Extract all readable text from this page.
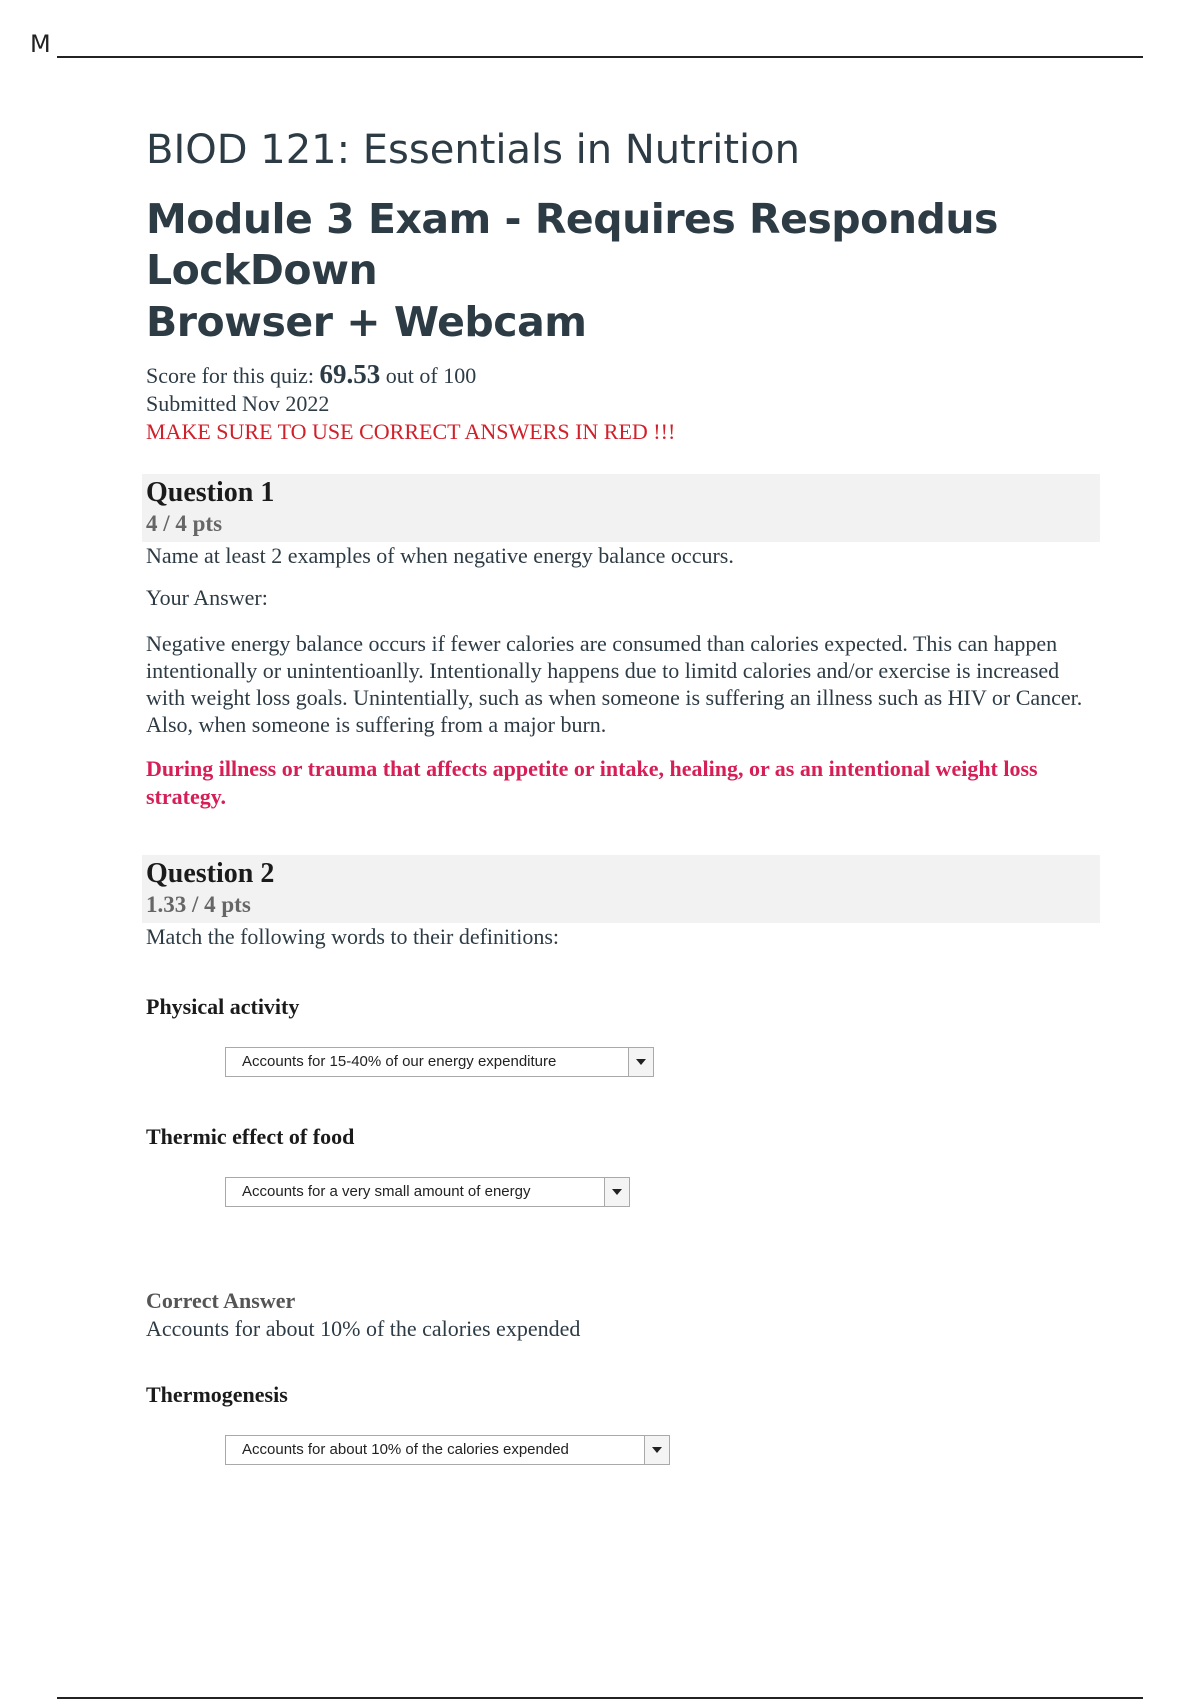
M
BIOD 121: Essentials in Nutrition
Module 3 Exam - Requires Respondus LockDown
Browser + Webcam
Score for this quiz: 69.53 out of 100
Submitted Nov 2022
MAKE SURE TO USE CORRECT ANSWERS IN RED !!!
Question 1
4 / 4 pts

Name at least 2 examples of when negative energy balance occurs.

Your Answer:

Negative energy balance occurs if fewer calories are consumed than calories expected. This can happen intentionally or unintentioanlly. Intentionally happens due to limitd calories and/or exercise is increased with weight loss goals. Unintentially, such as when someone is suffering an illness such as HIV or Cancer. Also, when someone is suffering from a major burn.

During illness or trauma that affects appetite or intake, healing, or as an intentional weight loss strategy.

Question 2
1.33 / 4 pts

Match the following words to their definitions:

Physical activity

Accounts for 15-40% of our energy expenditure

Thermic effect of food

Accounts for a very small amount of energy

Correct Answer

Accounts for about 10% of the calories expended

Thermogenesis

Accounts for about 10% of the calories expended
